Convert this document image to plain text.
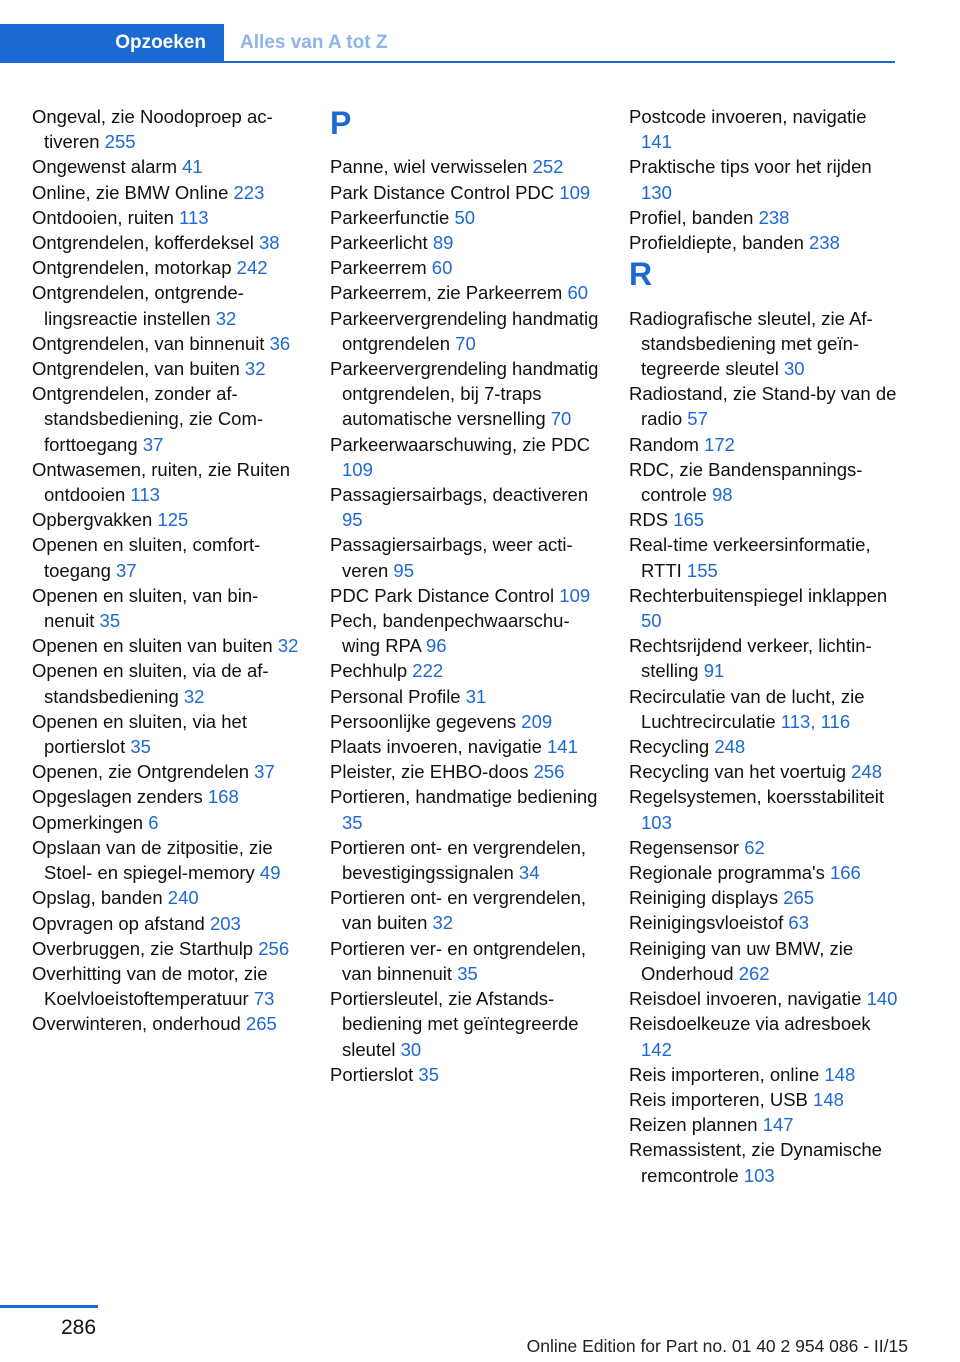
Opzoeken	Alles van A tot Z
Ongeval, zie Noodoproep activeren 255
Ongewenst alarm 41
Online, zie BMW Online 223
Ontdooien, ruiten 113
Ontgrendelen, kofferdeksel 38
Ontgrendelen, motorkap 242
Ontgrendelen, ontgrendelingsreactie instellen 32
Ontgrendelen, van binnenuit 36
Ontgrendelen, van buiten 32
Ontgrendelen, zonder afstandsbediening, zie Comforttoegang 37
Ontwasemen, ruiten, zie Ruiten ontdooien 113
Opbergvakken 125
Openen en sluiten, comforttoegang 37
Openen en sluiten, van binnenuit 35
Openen en sluiten van buiten 32
Openen en sluiten, via de afstandsbediening 32
Openen en sluiten, via het portierslot 35
Openen, zie Ontgrendelen 37
Opgeslagen zenders 168
Opmerkingen 6
Opslaan van de zitpositie, zie Stoel- en spiegel-memory 49
Opslag, banden 240
Opvragen op afstand 203
Overbruggen, zie Starthulp 256
Overhitting van de motor, zie Koelvloeistoftemperatuur 73
Overwinteren, onderhoud 265
P
Panne, wiel verwisselen 252
Park Distance Control PDC 109
Parkeerfunctie 50
Parkeerlicht 89
Parkeerrem 60
Parkeerrem, zie Parkeerrem 60
Parkeervergrendeling handmatig ontgrendelen 70
Parkeervergrendeling handmatig ontgrendelen, bij 7-traps automatische versnelling 70
Parkeerwaarschuwing, zie PDC 109
Passagiersairbags, deactiveren 95
Passagiersairbags, weer activeren 95
PDC Park Distance Control 109
Pech, bandenpechwaarschuwing RPA 96
Pechhulp 222
Personal Profile 31
Persoonlijke gegevens 209
Plaats invoeren, navigatie 141
Pleister, zie EHBO-doos 256
Portieren, handmatige bediening 35
Portieren ont- en vergrendelen, bevestigingssignalen 34
Portieren ont- en vergrendelen, van buiten 32
Portieren ver- en ontgrendelen, van binnenuit 35
Portiersleutel, zie Afstandsbediening met geïntegreerde sleutel 30
Portierslot 35
Postcode invoeren, navigatie 141
Praktische tips voor het rijden 130
Profiel, banden 238
Profieldiepte, banden 238
R
Radiografische sleutel, zie Afstandsbediening met geïntegreerde sleutel 30
Radiostand, zie Stand-by van de radio 57
Random 172
RDC, zie Bandenspanningscontrole 98
RDS 165
Real-time verkeersinformatie, RTTI 155
Rechterbuitenspiegel inklappen 50
Rechtsrijdend verkeer, lichtinstelling 91
Recirculatie van de lucht, zie Luchtrecirculatie 113, 116
Recycling 248
Recycling van het voertuig 248
Regelsystemen, koersstabiliteit 103
Regensensor 62
Regionale programma's 166
Reiniging displays 265
Reinigingsvloeistof 63
Reiniging van uw BMW, zie Onderhoud 262
Reisdoel invoeren, navigatie 140
Reisdoelkeuze via adresboek 142
Reis importeren, online 148
Reis importeren, USB 148
Reizen plannen 147
Remassistent, zie Dynamische remcontrole 103
286
Online Edition for Part no. 01 40 2 954 086 - II/15
